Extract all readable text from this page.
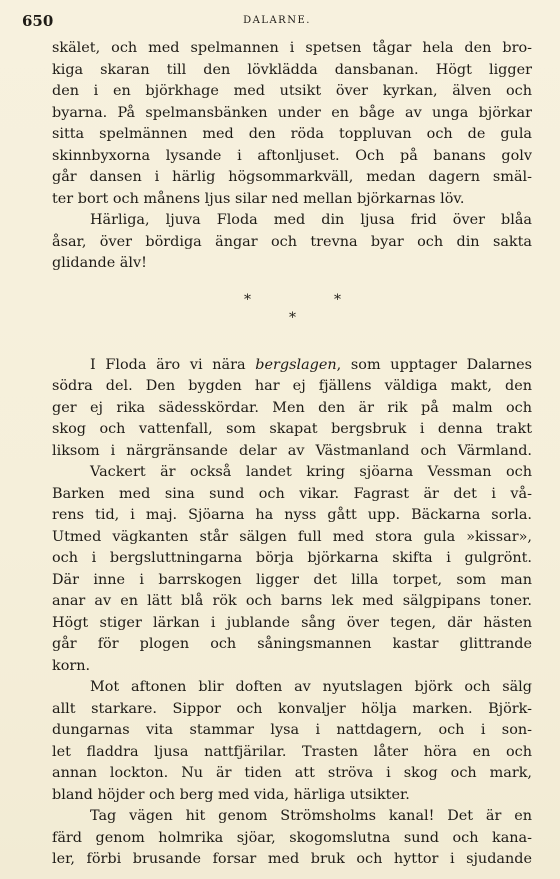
650	DALARNE.
skälet, och med spelmannen i spetsen tågar hela den bro-
kiga skaran till den lövklädda dansbanan. Högt ligger
den i en björkhage med utsikt över kyrkan, älven och
byarna. På spelmansbänken under en båge av unga björkar
sitta spelmännen med den röda toppluvan och de gula
skinnbyxorna lysande i aftonljuset. Och på banans golv
går dansen i härlig högsommarkväll, medan dagern smäl-
ter bort och månens ljus silar ned mellan björkarnas löv.
Härliga, ljuva Floda med din ljusa frid över blåa
åsar, över bördiga ängar och trevna byar och din sakta
glidande älv!
*	*
*
I Floda äro vi nära bergslagen, som upptager Dalarnes
södra del. Den bygden har ej fjällens väldiga makt, den
ger ej rika sädesskördar. Men den är rik på malm och
skog och vattenfall, som skapat bergsbruk i denna trakt
liksom i närgränsande delar av Västmanland och Värmland.
Vackert är också landet kring sjöarna Vessman och
Barken med sina sund och vikar. Fagrast är det i vå-
rens tid, i maj. Sjöarna ha nyss gått upp. Bäckarna sorla.
Utmed vägkanten står sälgen full med stora gula »kissar»,
och i bergsluttningarna börja björkarna skifta i gulgrönt.
Där inne i barrskogen ligger det lilla torpet, som man
anar av en lätt blå rök och barns lek med sälgpipans toner.
Högt stiger lärkan i jublande sång över tegen, där hästen
går för plogen och såningsmannen kastar glittrande
korn.
Mot aftonen blir doften av nyutslagen björk och sälg
allt starkare. Sippor och konvaljer hölja marken. Björk-
dungarnas vita stammar lysa i nattdagern, och i son-
let fladdra ljusa nattfjärilar. Trasten låter höra en och
annan lockton. Nu är tiden att ströva i skog och mark,
bland höjder och berg med vida, härliga utsikter.
Tag vägen hit genom Strömsholms kanal! Det är en
färd genom holmrika sjöar, skogomslutna sund och kana-
ler, förbi brusande forsar med bruk och hyttor i sjudande
